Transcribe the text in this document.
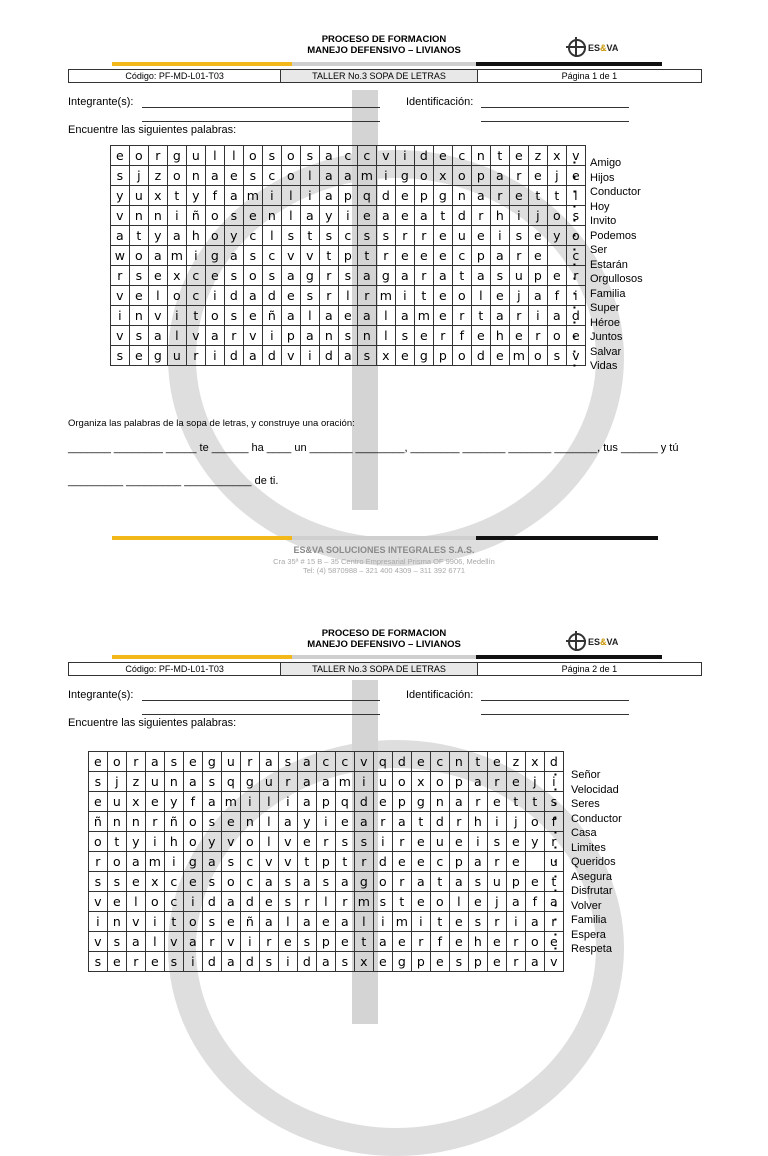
PROCESO DE FORMACION
MANEJO DEFENSIVO – LIVIANOS	ES&VA
Código: PF-MD-L01-T03	TALLER No.3 SOPA DE LETRAS	Página 1 de 1
Integrante(s):	Identificación:
Encuentre las siguientes palabras:
e	o	r	g	u	l	l	o	s	o	s	a	c	c	v	i	d	e	c	n	t	e	z	x	v
s	j	z	o	n	a	e	s	c	o	l	a	a	m	i	g	o	x	o	p	a	r	e	j	e
y	u	x	t	y	f	a	m	i	l	i	a	p	q	d	e	p	g	n	a	r	e	t	t	l
v	n	n	i	ñ	o	s	e	n	l	a	y	i	e	a	e	a	t	d	r	h	i	j	o	s
a	t	y	a	h	o	y	c	l	s	t	s	c	s	s	r	r	e	u	e	i	s	e	y	o
w	o	a	m	i	g	a	s	c	v	v	t	p	t	r	e	e	e	c	p	a	r	e		c
r	s	e	x	c	e	s	o	s	a	g	r	s	a	g	a	r	a	t	a	s	u	p	e	r
v	e	l	o	c	i	d	a	d	e	s	r	l	r	m	i	t	e	o	l	e	j	a	f	i
i	n	v	i	t	o	s	e	ñ	a	l	a	e	a	l	a	m	e	r	t	a	r	i	a	d
v	s	a	l	v	a	r	v	i	p	a	n	s	n	l	s	e	r	f	e	h	e	r	o	e
s	e	g	u	r	i	d	a	d	v	i	d	a	s	x	e	g	p	o	d	e	m	o	s	v
▪ Amigo
▪ Hijos
▪ Conductor
▪ Hoy
▪ Invito
▪ Podemos
▪ Ser
▪ Estarán
▪ Orgullosos
▪ Familia
▪ Super
▪ Héroe
▪ Juntos
▪ Salvar
▪ Vidas
Organiza las palabras de la sopa de letras, y construye una oración:
_______ ________ _____ te ______ ha ____ un _______ ________, ________ _______ _______ _______, tus ______ y tú
_________ _________ ___________ de ti.
ES&VA SOLUCIONES INTEGRALES S.A.S.
Cra 35ª # 15 B – 35 Centro Empresarial Prisma OF 9906, Medellín
Tel: (4) 5870988 – 321 400 4309 – 311 392 6771
PROCESO DE FORMACION
MANEJO DEFENSIVO – LIVIANOS	ES&VA
Código: PF-MD-L01-T03	TALLER No.3 SOPA DE LETRAS	Página 2 de 1
Integrante(s):	Identificación:
Encuentre las siguientes palabras:
e	o	r	a	s	e	g	u	r	a	s	a	c	c	v	q	d	e	c	n	t	e	z	x	d
s	j	z	u	n	a	s	q	g	u	r	a	a	m	i	u	o	x	o	p	a	r	e	j	i
e	u	x	e	y	f	a	m	i	l	i	a	p	q	d	e	p	g	n	a	r	e	t	t	s
ñ	n	n	r	ñ	o	s	e	n	l	a	y	i	e	a	r	a	t	d	r	h	i	j	o	f
o	t	y	i	h	o	y	v	o	l	v	e	r	s	s	i	r	e	u	e	i	s	e	y	r
r	o	a	m	i	g	a	s	c	v	v	t	p	t	r	d	e	e	c	p	a	r	e		u
s	s	e	x	c	e	s	o	c	a	s	a	s	a	g	o	r	a	t	a	s	u	p	e	t
v	e	l	o	c	i	d	a	d	e	s	r	l	r	m	s	t	e	o	l	e	j	a	f	a
i	n	v	i	t	o	s	e	ñ	a	l	a	e	a	l	i	m	i	t	e	s	r	i	a	r
v	s	a	l	v	a	r	v	i	r	e	s	p	e	t	a	e	r	f	e	h	e	r	o	e
s	e	r	e	s	i	d	a	d	s	i	d	a	s	x	e	g	p	e	s	p	e	r	a	v
▪ Señor
▪ Velocidad
▪ Seres
▪ Conductor
▪ Casa
▪ Limites
▪ Queridos
▪ Asegura
▪ Disfrutar
▪ Volver
▪ Familia
▪ Espera
▪ Respeta
